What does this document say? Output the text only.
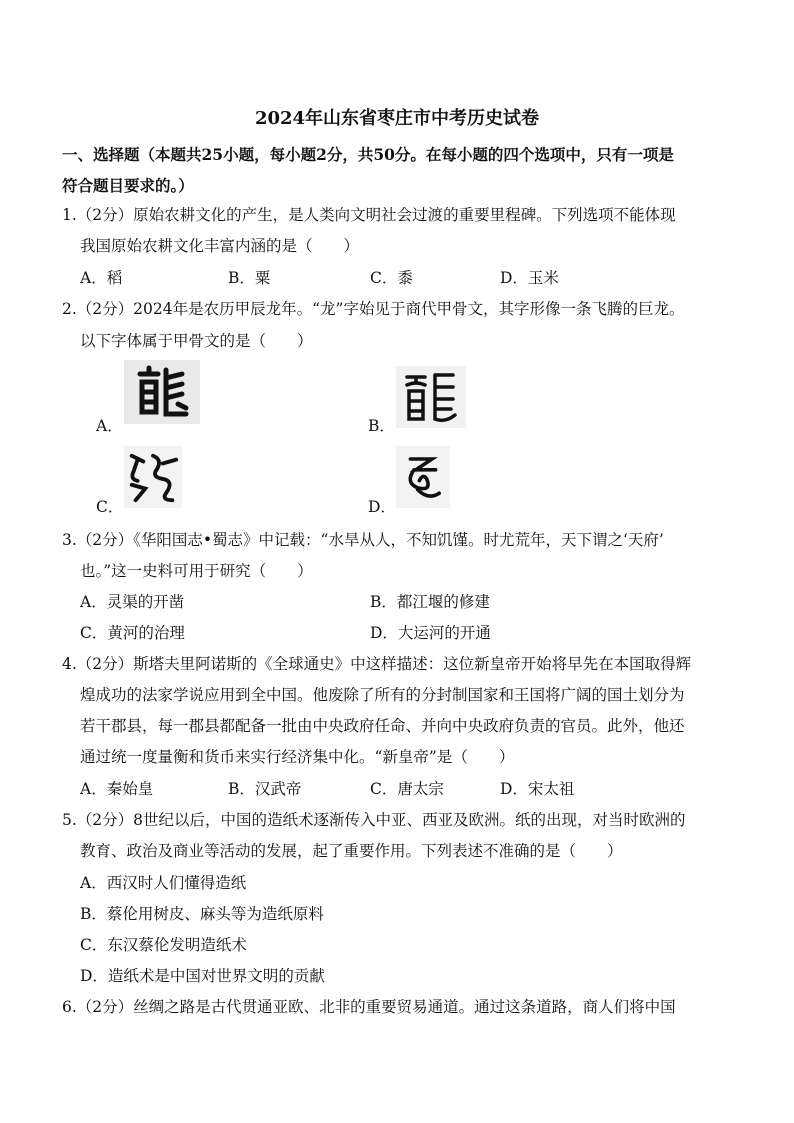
2024年山东省枣庄市中考历史试卷
一、选择题（本题共25小题，每小题2分，共50分。在每小题的四个选项中，只有一项是
符合题目要求的。）
1.（2分）原始农耕文化的产生，是人类向文明社会过渡的重要里程碑。下列选项不能体现
我国原始农耕文化丰富内涵的是（　　）
A．稻	B．粟	C．黍	D．玉米
2.（2分）2024年是农历甲辰龙年。“龙”字始见于商代甲骨文，其字形像一条飞腾的巨龙。
以下字体属于甲骨文的是（　　）
A．	B．
C．	D．
3.（2分）《华阳国志•蜀志》中记载：“水旱从人，不知饥馑。时尤荒年，天下谓之‘天府’
也。”这一史料可用于研究（　　）
A．灵渠的开凿	B．都江堰的修建
C．黄河的治理	D．大运河的开通
4.（2分）斯塔夫里阿诺斯的《全球通史》中这样描述：这位新皇帝开始将早先在本国取得辉
煌成功的法家学说应用到全中国。他废除了所有的分封制国家和王国将广阔的国土划分为
若干郡县，每一郡县都配备一批由中央政府任命、并向中央政府负责的官员。此外，他还
通过统一度量衡和货币来实行经济集中化。“新皇帝”是（　　）
A．秦始皇	B．汉武帝	C．唐太宗	D．宋太祖
5.（2分）8世纪以后，中国的造纸术逐渐传入中亚、西亚及欧洲。纸的出现，对当时欧洲的
教育、政治及商业等活动的发展，起了重要作用。下列表述不准确的是（　　）
A．西汉时人们懂得造纸
B．蔡伦用树皮、麻头等为造纸原料
C．东汉蔡伦发明造纸术
D．造纸术是中国对世界文明的贡献
6.（2分）丝绸之路是古代贯通亚欧、北非的重要贸易通道。通过这条道路，商人们将中国
